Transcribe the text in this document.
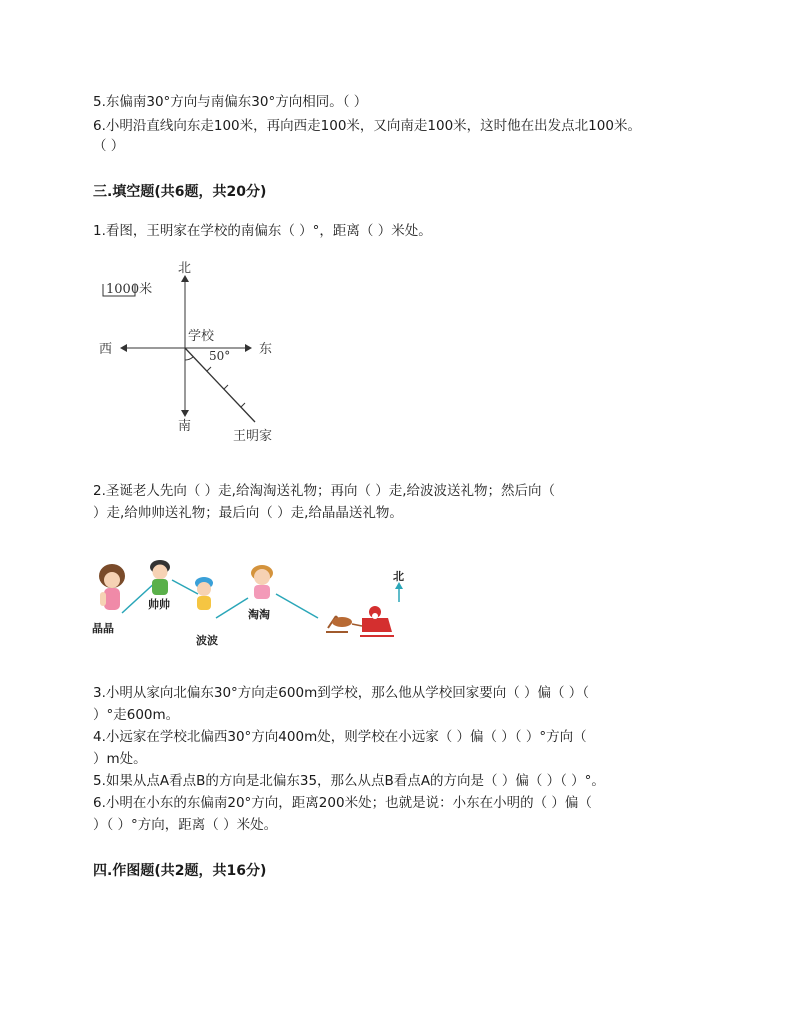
5.东偏南30°方向与南偏东30°方向相同。（ ）
6.小明沿直线向东走100米，再向西走100米，又向南走100米，这时他在出发点北100米。
（ ）
三.填空题(共6题，共20分)
1.看图，王明家在学校的南偏东（ ）°，距离（ ）米处。
1000米
北
南
东
西
学校
50°
王明家
2.圣诞老人先向（ ）走,给淘淘送礼物；再向（ ）走,给波波送礼物；然后向（
）走,给帅帅送礼物；最后向（ ）走,给晶晶送礼物。
晶晶
帅帅
波波
淘淘
北
3.小明从家向北偏东30°方向走600m到学校，那么他从学校回家要向（ ）偏（ ）（
）°走600m。
4.小远家在学校北偏西30°方向400m处，则学校在小远家（ ）偏（ ）（ ）°方向（
）m处。
5.如果从点A看点B的方向是北偏东35，那么从点B看点A的方向是（ ）偏（ ）（ ）°。
6.小明在小东的东偏南20°方向，距离200米处；也就是说：小东在小明的（ ）偏（
）（ ）°方向，距离（ ）米处。
四.作图题(共2题，共16分)
